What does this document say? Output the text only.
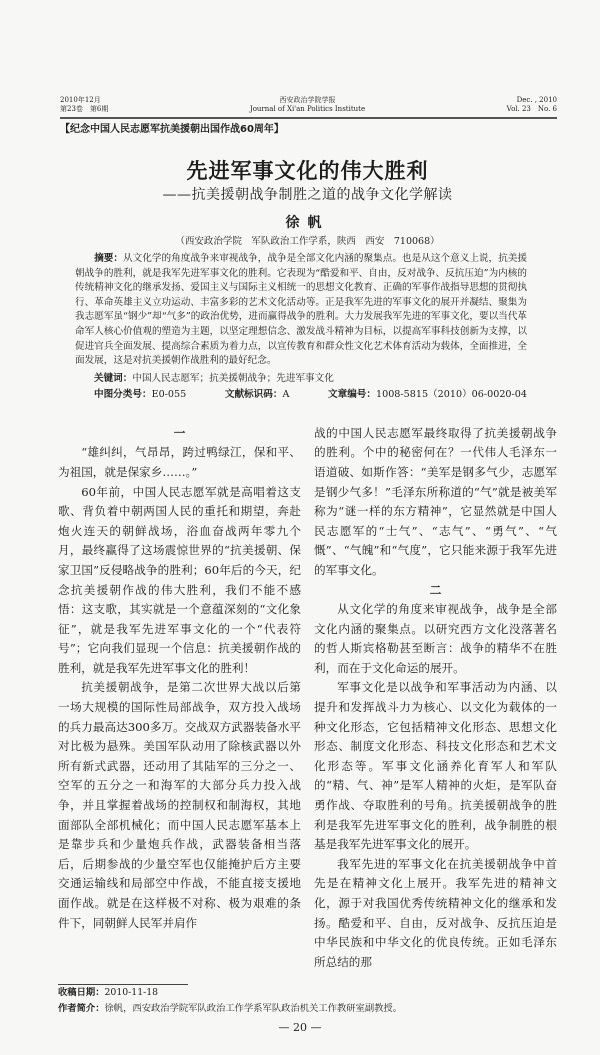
2010年12月
第23卷　第6期
西安政治学院学报
Journal of Xi'an Politics Institute
Dec. , 2010
Vol. 23　No. 6
【纪念中国人民志愿军抗美援朝出国作战60周年】
先进军事文化的伟大胜利
——抗美援朝战争制胜之道的战争文化学解读
徐帆
（西安政治学院　军队政治工作学系，陕西　西安　710068）
摘要：从文化学的角度战争来审视战争，战争是全部文化内涵的聚集点。也是从这个意义上说，抗美援朝战争的胜利，就是我军先进军事文化的胜利。它表现为“酷爱和平、自由，反对战争、反抗压迫”为内核的传统精神文化的继承发扬、爱国主义与国际主义相统一的思想文化教育、正确的军事作战指导思想的贯彻执行、革命英雄主义立功运动、丰富多彩的艺术文化活动等。正是我军先进的军事文化的展开并凝结、聚集为我志愿军虽“钢少”却“气多”的政治优势，进而赢得战争的胜利。大力发展我军先进的军事文化，要以当代革命军人核心价值观的塑造为主题，以坚定理想信念、激发战斗精神为目标，以提高军事科技创新为支撑，以促进官兵全面发展、提高综合素质为着力点，以宣传教育和群众性文化艺术体育活动为载体，全面推进，全面发展，这是对抗美援朝作战胜利的最好纪念。
关键词：中国人民志愿军；抗美援朝战争；先进军事文化
中图分类号：E0-055	文献标识码：A	文章编号：1008-5815（2010）06-0020-04

一

“雄纠纠，气昂昂，跨过鸭绿江，保和平、为祖国，就是保家乡……。”

60年前，中国人民志愿军就是高唱着这支歌、背负着中朝两国人民的重托和期望，奔赴炮火连天的朝鲜战场，浴血奋战两年零九个月，最终赢得了这场震惊世界的“抗美援朝、保家卫国”反侵略战争的胜利；60年后的今天，纪念抗美援朝作战的伟大胜利，我们不能不感悟：这支歌，其实就是一个意蕴深刻的“文化象征”，就是我军先进军事文化的一个“代表符号”；它向我们显现一个信息：抗美援朝作战的胜利，就是我军先进军事文化的胜利！

抗美援朝战争，是第二次世界大战以后第一场大规模的国际性局部战争，双方投入战场的兵力最高达300多万。交战双方武器装备水平对比极为悬殊。美国军队动用了除核武器以外所有新式武器，还动用了其陆军的三分之一、空军的五分之一和海军的大部分兵力投入战争，并且掌握着战场的控制权和制海权，其地面部队全部机械化；而中国人民志愿军基本上是靠步兵和少量炮兵作战，武器装备相当落后，后期参战的少量空军也仅能掩护后方主要交通运输线和局部空中作战，不能直接支援地面作战。就是在这样极不对称、极为艰难的条件下，同朝鲜人民军并肩作

战的中国人民志愿军最终取得了抗美援朝战争的胜利。个中的秘密何在？一代伟人毛泽东一语道破、如斯作答：“美军是钢多气少，志愿军是钢少气多！”毛泽东所称道的“气”就是被美军称为“谜一样的东方精神”，它显然就是中国人民志愿军的“士气”、“志气”、“勇气”、“气慨”、“气魄”和“气度”，它只能来源于我军先进的军事文化。

二

从文化学的角度来审视战争，战争是全部文化内涵的聚集点。以研究西方文化没落著名的哲人斯宾格勒甚至断言：战争的精华不在胜利，而在于文化命运的展开。

军事文化是以战争和军事活动为内涵、以提升和发挥战斗力为核心、以文化为载体的一种文化形态，它包括精神文化形态、思想文化形态、制度文化形态、科技文化形态和艺术文化形态等。军事文化涵养化育军人和军队的“精、气、神”是军人精神的火炬，是军队奋勇作战、夺取胜利的号角。抗美援朝战争的胜利是我军先进军事文化的胜利，战争制胜的根基是我军先进军事文化的展开。

我军先进的军事文化在抗美援朝战争中首先是在精神文化上展开。我军先进的精神文化，源于对我国优秀传统精神文化的继承和发扬。酷爱和平、自由，反对战争、反抗压迫是中华民族和中华文化的优良传统。正如毛泽东所总结的那

收稿日期：2010-11-18
作者简介：徐帆，西安政治学院军队政治工作学系军队政治机关工作教研室副教授。
— 20 —
